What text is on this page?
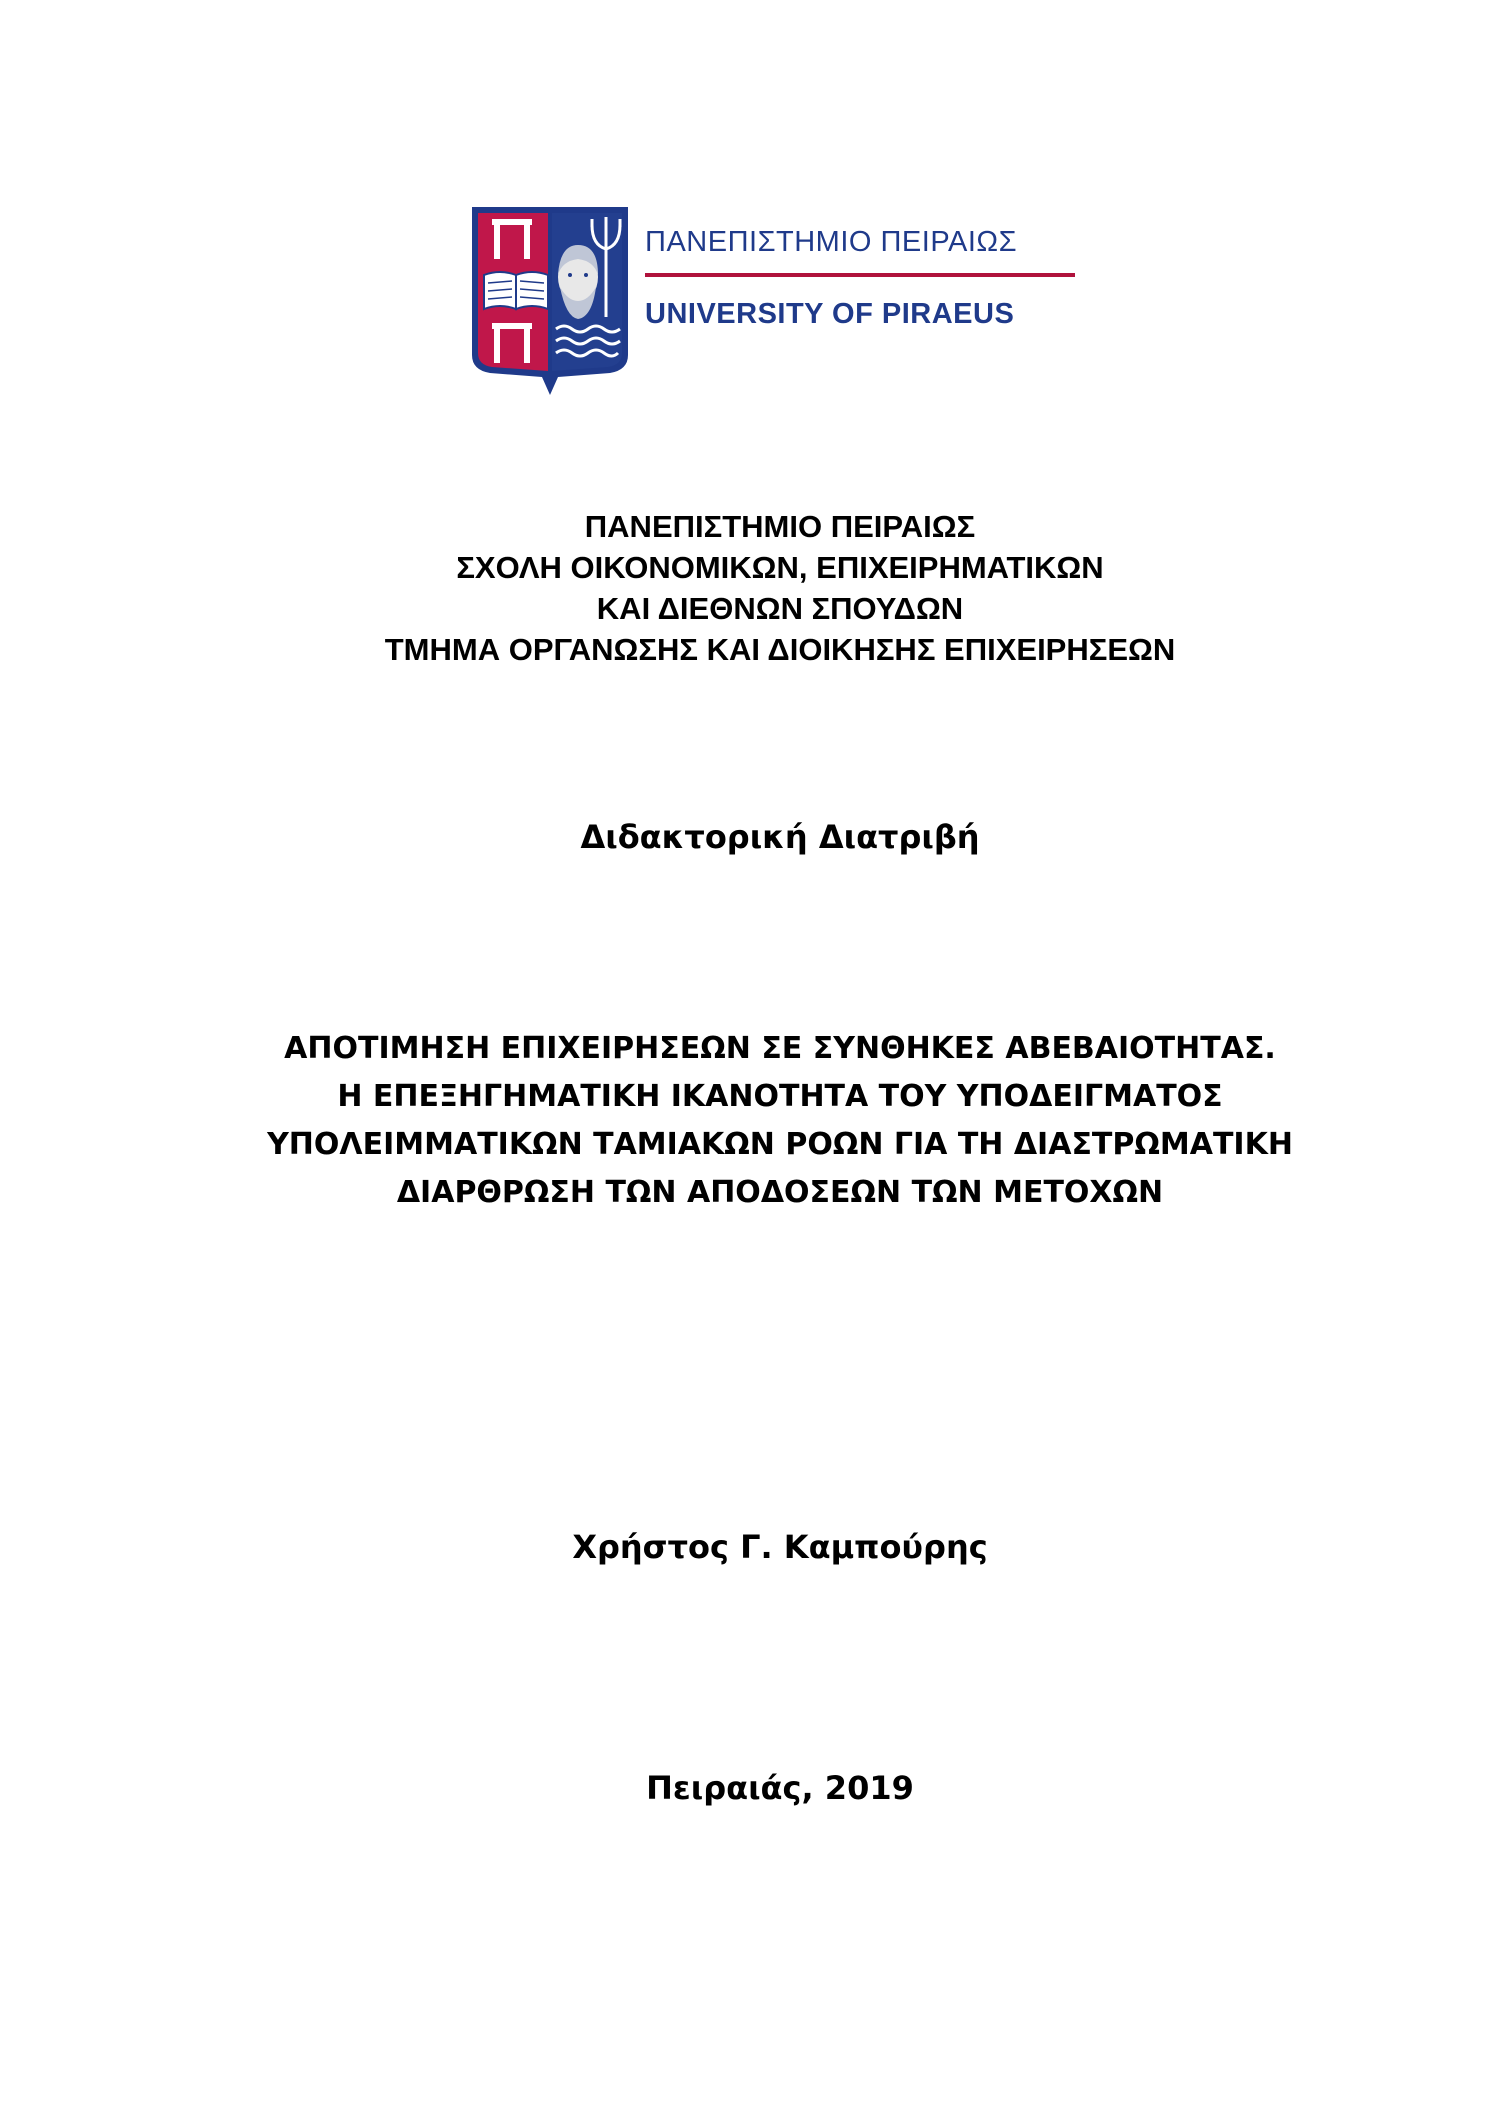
ΠΑΝΕΠΙΣΤΗΜΙΟ ΠΕΙΡΑΙΩΣ
UNIVERSITY OF PIRAEUS
ΠΑΝΕΠΙΣΤΗΜΙΟ ΠΕΙΡΑΙΩΣ
ΣΧΟΛΗ ΟΙΚΟΝΟΜΙΚΩΝ, ΕΠΙΧΕΙΡΗΜΑΤΙΚΩΝ
ΚΑΙ ΔΙΕΘΝΩΝ ΣΠΟΥΔΩΝ
ΤΜΗΜΑ ΟΡΓΑΝΩΣΗΣ ΚΑΙ ΔΙΟΙΚΗΣΗΣ ΕΠΙΧΕΙΡΗΣΕΩΝ
Διδακτορική Διατριβή
ΑΠΟΤΙΜΗΣΗ ΕΠΙΧΕΙΡΗΣΕΩΝ ΣΕ ΣΥΝΘΗΚΕΣ ΑΒΕΒΑΙΟΤΗΤΑΣ.
Η ΕΠΕΞΗΓΗΜΑΤΙΚΗ ΙΚΑΝΟΤΗΤΑ ΤΟΥ ΥΠΟΔΕΙΓΜΑΤΟΣ
ΥΠΟΛΕΙΜΜΑΤΙΚΩΝ ΤΑΜΙΑΚΩΝ ΡΟΩΝ ΓΙΑ ΤΗ ΔΙΑΣΤΡΩΜΑΤΙΚΗ
ΔΙΑΡΘΡΩΣΗ ΤΩΝ ΑΠΟΔΟΣΕΩΝ ΤΩΝ ΜΕΤΟΧΩΝ
Χρήστος Γ. Καμπούρης
Πειραιάς, 2019
